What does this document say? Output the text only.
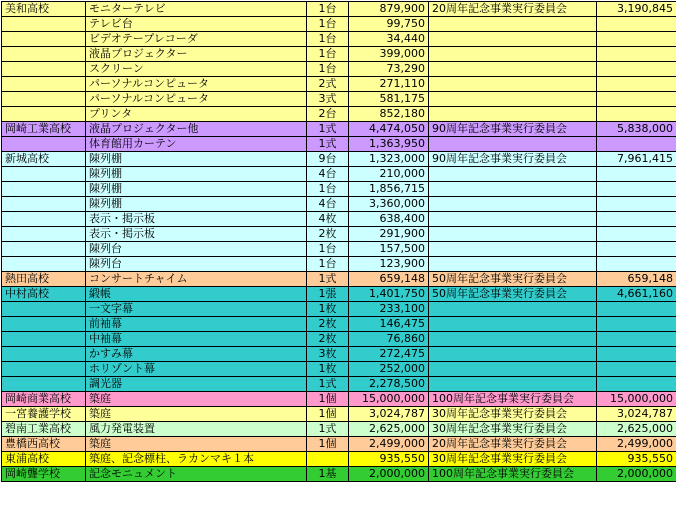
美和高校	モニターテレビ	1台	879,900	20周年記念事業実行委員会	3,190,845
	テレビ台	1台	99,750		
	ビデオテープレコーダ	1台	34,440		
	液晶プロジェクター	1台	399,000		
	スクリーン	1台	73,290		
	パーソナルコンピュータ	2式	271,110		
	パーソナルコンピュータ	3式	581,175		
	プリンタ	2台	852,180		
岡崎工業高校	液晶プロジェクター他	1式	4,474,050	90周年記念事業実行委員会	5,838,000
	体育館用カーテン	1式	1,363,950		
新城高校	陳列棚	9台	1,323,000	90周年記念事業実行委員会	7,961,415
	陳列棚	4台	210,000		
	陳列棚	1台	1,856,715		
	陳列棚	4台	3,360,000		
	表示・掲示板	4枚	638,400		
	表示・掲示板	2枚	291,900		
	陳列台	1台	157,500		
	陳列台	1台	123,900		
熱田高校	コンサートチャイム	1式	659,148	50周年記念事業実行委員会	659,148
中村高校	緞帳	1張	1,401,750	50周年記念事業実行委員会	4,661,160
	一文字幕	1枚	233,100		
	前袖幕	2枚	146,475		
	中袖幕	2枚	76,860		
	かすみ幕	3枚	272,475		
	ホリゾント幕	1枚	252,000		
	調光器	1式	2,278,500		
岡崎商業高校	築庭	1個	15,000,000	100周年記念事業実行委員会	15,000,000
一宮養護学校	築庭	1個	3,024,787	30周年記念事業実行委員会	3,024,787
碧南工業高校	風力発電装置	1式	2,625,000	30周年記念事業実行委員会	2,625,000
豊橋西高校	築庭	1個	2,499,000	20周年記念事業実行委員会	2,499,000
東浦高校	築庭、記念標柱、ラカンマキ１本		935,550	30周年記念事業実行委員会	935,550
岡崎聾学校	記念モニュメント	1基	2,000,000	100周年記念事業実行委員会	2,000,000
